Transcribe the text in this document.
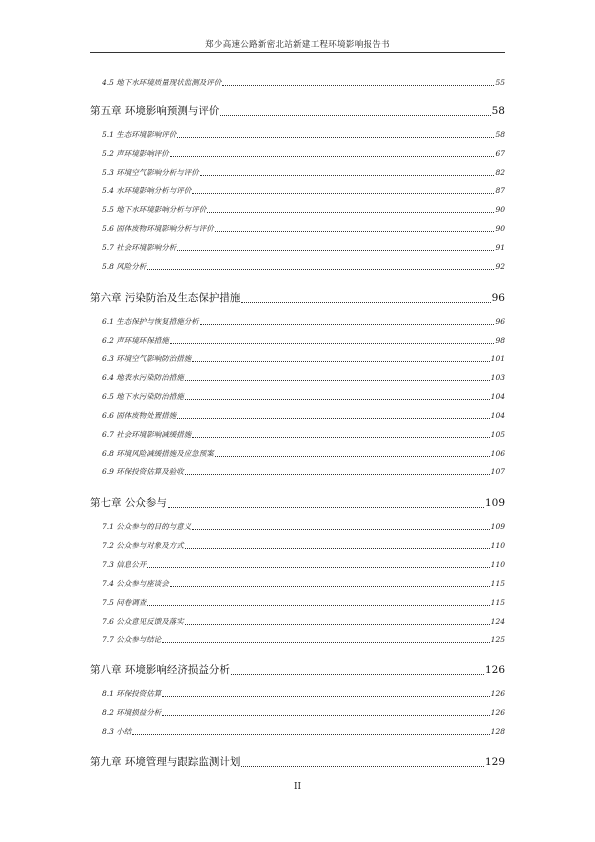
郑少高速公路新密北站新建工程环境影响报告书
4.5 地下水环境质量现状监测及评价	55
第五章 环境影响预测与评价	58
5.1 生态环境影响评价	58
5.2 声环境影响评价	67
5.3 环境空气影响分析与评价	82
5.4 水环境影响分析与评价	87
5.5 地下水环境影响分析与评价	90
5.6 固体废物环境影响分析与评价	90
5.7 社会环境影响分析	91
5.8 风险分析	92
第六章 污染防治及生态保护措施	96
6.1 生态保护与恢复措施分析	96
6.2 声环境环保措施	98
6.3 环境空气影响防治措施	101
6.4 地表水污染防治措施	103
6.5 地下水污染防治措施	104
6.6 固体废物处置措施	104
6.7 社会环境影响减缓措施	105
6.8 环境风险减缓措施及应急预案	106
6.9 环保投资估算及验收	107
第七章 公众参与	109
7.1 公众参与的目的与意义	109
7.2 公众参与对象及方式	110
7.3 信息公开	110
7.4 公众参与座谈会	115
7.5 问卷调查	115
7.6 公众意见反馈及落实	124
7.7 公众参与结论	125
第八章 环境影响经济损益分析	126
8.1 环保投资估算	126
8.2 环境损益分析	126
8.3 小结	128
第九章 环境管理与跟踪监测计划	129
II
